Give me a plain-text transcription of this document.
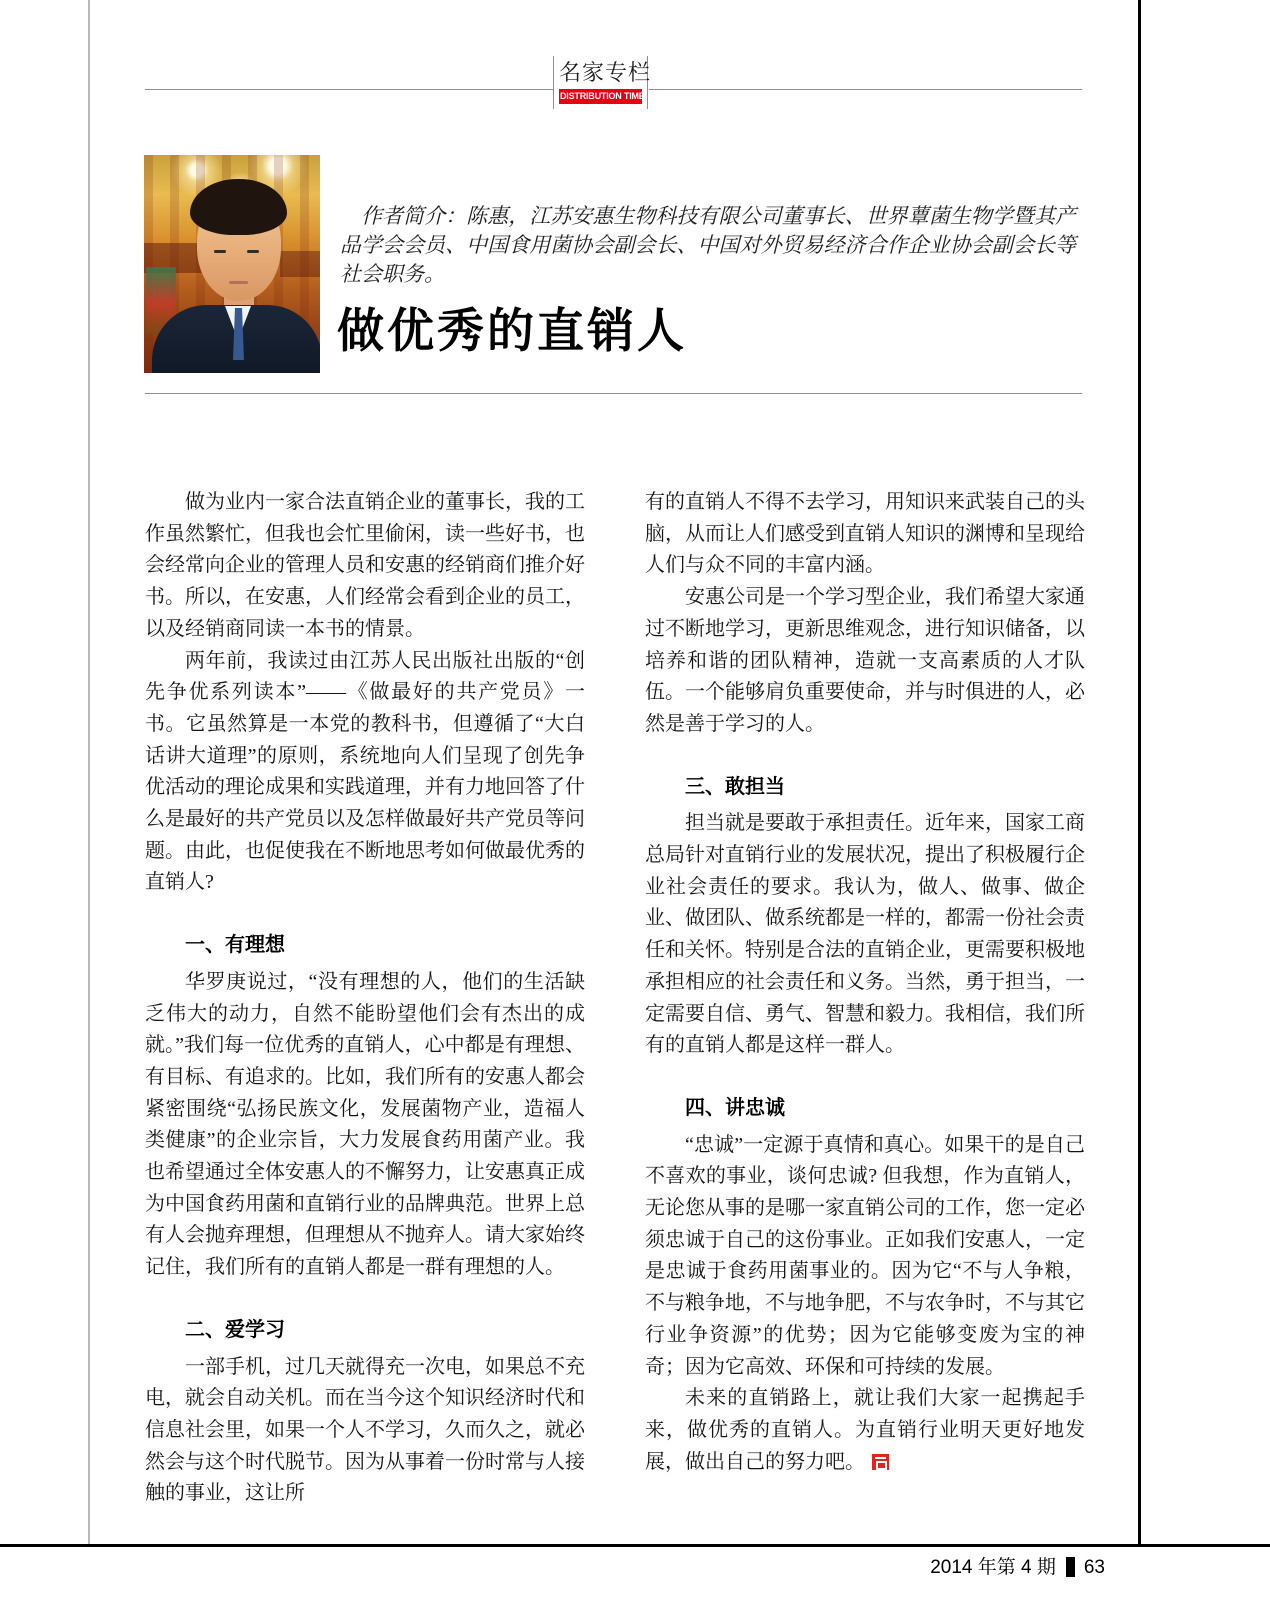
名家专栏
DISTRIBUTION TIME
作者简介：陈惠，江苏安惠生物科技有限公司董事长、世界蕈菌生物学暨其产品学会会员、中国食用菌协会副会长、中国对外贸易经济合作企业协会副会长等社会职务。
做优秀的直销人

做为业内一家合法直销企业的董事长，我的工作虽然繁忙，但我也会忙里偷闲，读一些好书，也会经常向企业的管理人员和安惠的经销商们推介好书。所以，在安惠，人们经常会看到企业的员工，以及经销商同读一本书的情景。

两年前，我读过由江苏人民出版社出版的“创先争优系列读本”——《做最好的共产党员》一书。它虽然算是一本党的教科书，但遵循了“大白话讲大道理”的原则，系统地向人们呈现了创先争优活动的理论成果和实践道理，并有力地回答了什么是最好的共产党员以及怎样做最好共产党员等问题。由此，也促使我在不断地思考如何做最优秀的直销人?

一、有理想

华罗庚说过，“没有理想的人，他们的生活缺乏伟大的动力，自然不能盼望他们会有杰出的成就。”我们每一位优秀的直销人，心中都是有理想、有目标、有追求的。比如，我们所有的安惠人都会紧密围绕“弘扬民族文化，发展菌物产业，造福人类健康”的企业宗旨，大力发展食药用菌产业。我也希望通过全体安惠人的不懈努力，让安惠真正成为中国食药用菌和直销行业的品牌典范。世界上总有人会抛弃理想，但理想从不抛弃人。请大家始终记住，我们所有的直销人都是一群有理想的人。

二、爱学习

一部手机，过几天就得充一次电，如果总不充电，就会自动关机。而在当今这个知识经济时代和信息社会里，如果一个人不学习，久而久之，就必然会与这个时代脱节。因为从事着一份时常与人接触的事业，这让所

有的直销人不得不去学习，用知识来武装自己的头脑，从而让人们感受到直销人知识的渊博和呈现给人们与众不同的丰富内涵。

安惠公司是一个学习型企业，我们希望大家通过不断地学习，更新思维观念，进行知识储备，以培养和谐的团队精神，造就一支高素质的人才队伍。一个能够肩负重要使命，并与时俱进的人，必然是善于学习的人。

三、敢担当

担当就是要敢于承担责任。近年来，国家工商总局针对直销行业的发展状况，提出了积极履行企业社会责任的要求。我认为，做人、做事、做企业、做团队、做系统都是一样的，都需一份社会责任和关怀。特别是合法的直销企业，更需要积极地承担相应的社会责任和义务。当然，勇于担当，一定需要自信、勇气、智慧和毅力。我相信，我们所有的直销人都是这样一群人。

四、讲忠诚

“忠诚”一定源于真情和真心。如果干的是自己不喜欢的事业，谈何忠诚? 但我想，作为直销人，无论您从事的是哪一家直销公司的工作，您一定必须忠诚于自己的这份事业。正如我们安惠人，一定是忠诚于食药用菌事业的。因为它“不与人争粮，不与粮争地，不与地争肥，不与农争时，不与其它行业争资源”的优势；因为它能够变废为宝的神奇；因为它高效、环保和可持续的发展。

未来的直销路上，就让我们大家一起携起手来，做优秀的直销人。为直销行业明天更好地发展，做出自己的努力吧。

2014 年第 4 期 63
